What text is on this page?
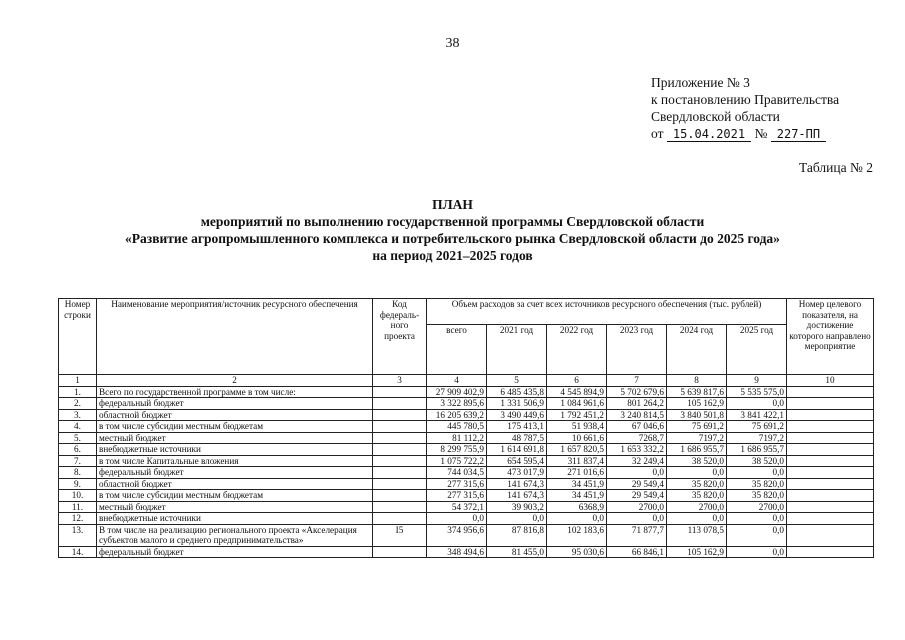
38
Приложение № 3
к постановлению Правительства
Свердловской области
от 15.04.2021 № 227-ПП
Таблица № 2
ПЛАН
мероприятий по выполнению государственной программы Свердловской области
«Развитие агропромышленного комплекса и потребительского рынка Свердловской области до 2025 года»
на период 2021–2025 годов
Номер строки	Наименование мероприятия/источник ресурсного обеспечения	Код федераль-ного проекта	Объем расходов за счет всех источников ресурсного обеспечения (тыс. рублей)						Номер целевого показателя, на достижение которого направлено мероприятие
			всего	2021 год	2022 год	2023 год	2024 год	2025 год	
1	2	3	4	5	6	7	8	9	10
1.	Всего по государственной программе в том числе:		27 909 402,9	6 485 435,8	4 545 894,9	5 702 679,6	5 639 817,6	5 535 575,0	
2.	федеральный бюджет		3 322 895,6	1 331 506,9	1 084 961,6	801 264,2	105 162,9	0,0	
3.	областной бюджет		16 205 639,2	3 490 449,6	1 792 451,2	3 240 814,5	3 840 501,8	3 841 422,1	
4.	в том числе субсидии местным бюджетам		445 780,5	175 413,1	51 938,4	67 046,6	75 691,2	75 691,2	
5.	местный бюджет		81 112,2	48 787,5	10 661,6	7268,7	7197,2	7197,2	
6.	внебюджетные источники		8 299 755,9	1 614 691,8	1 657 820,5	1 653 332,2	1 686 955,7	1 686 955,7	
7.	в том числе Капитальные вложения		1 075 722,2	654 595,4	311 837,4	32 249,4	38 520,0	38 520,0	
8.	федеральный бюджет		744 034,5	473 017,9	271 016,6	0,0	0,0	0,0	
9.	областной бюджет		277 315,6	141 674,3	34 451,9	29 549,4	35 820,0	35 820,0	
10.	в том числе субсидии местным бюджетам		277 315,6	141 674,3	34 451,9	29 549,4	35 820,0	35 820,0	
11.	местный бюджет		54 372,1	39 903,2	6368,9	2700,0	2700,0	2700,0	
12.	внебюджетные источники		0,0	0,0	0,0	0,0	0,0	0,0	
13.	В том числе на реализацию регионального проекта «Акселерация субъектов малого и среднего предпринимательства»	I5	374 956,6	87 816,8	102 183,6	71 877,7	113 078,5	0,0	
14.	федеральный бюджет		348 494,6	81 455,0	95 030,6	66 846,1	105 162,9	0,0	
